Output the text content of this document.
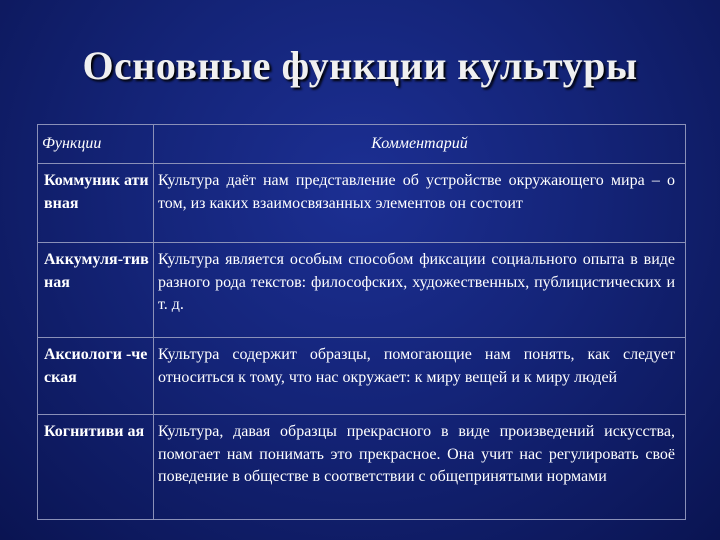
Основные функции культуры
Функции	Комментарий
Коммуник ативная	Культура даёт нам представление об устройстве окружающего мира – о том, из каких взаимосвязанных элементов он состоит
Аккумуля-тивная	Культура является особым способом фиксации социального опыта в виде разного рода текстов: философских, художественных, публицистических и т. д.
Аксиологи -ческая	Культура содержит образцы, помогающие нам понять, как следует относиться к тому, что нас окружает: к миру вещей и к миру людей
Когнитиви ая	Культура, давая образцы прекрасного в виде произведений искусства, помогает нам понимать это прекрасное. Она учит нас регулировать своё поведение в обществе в соответствии с общепринятыми нормами
